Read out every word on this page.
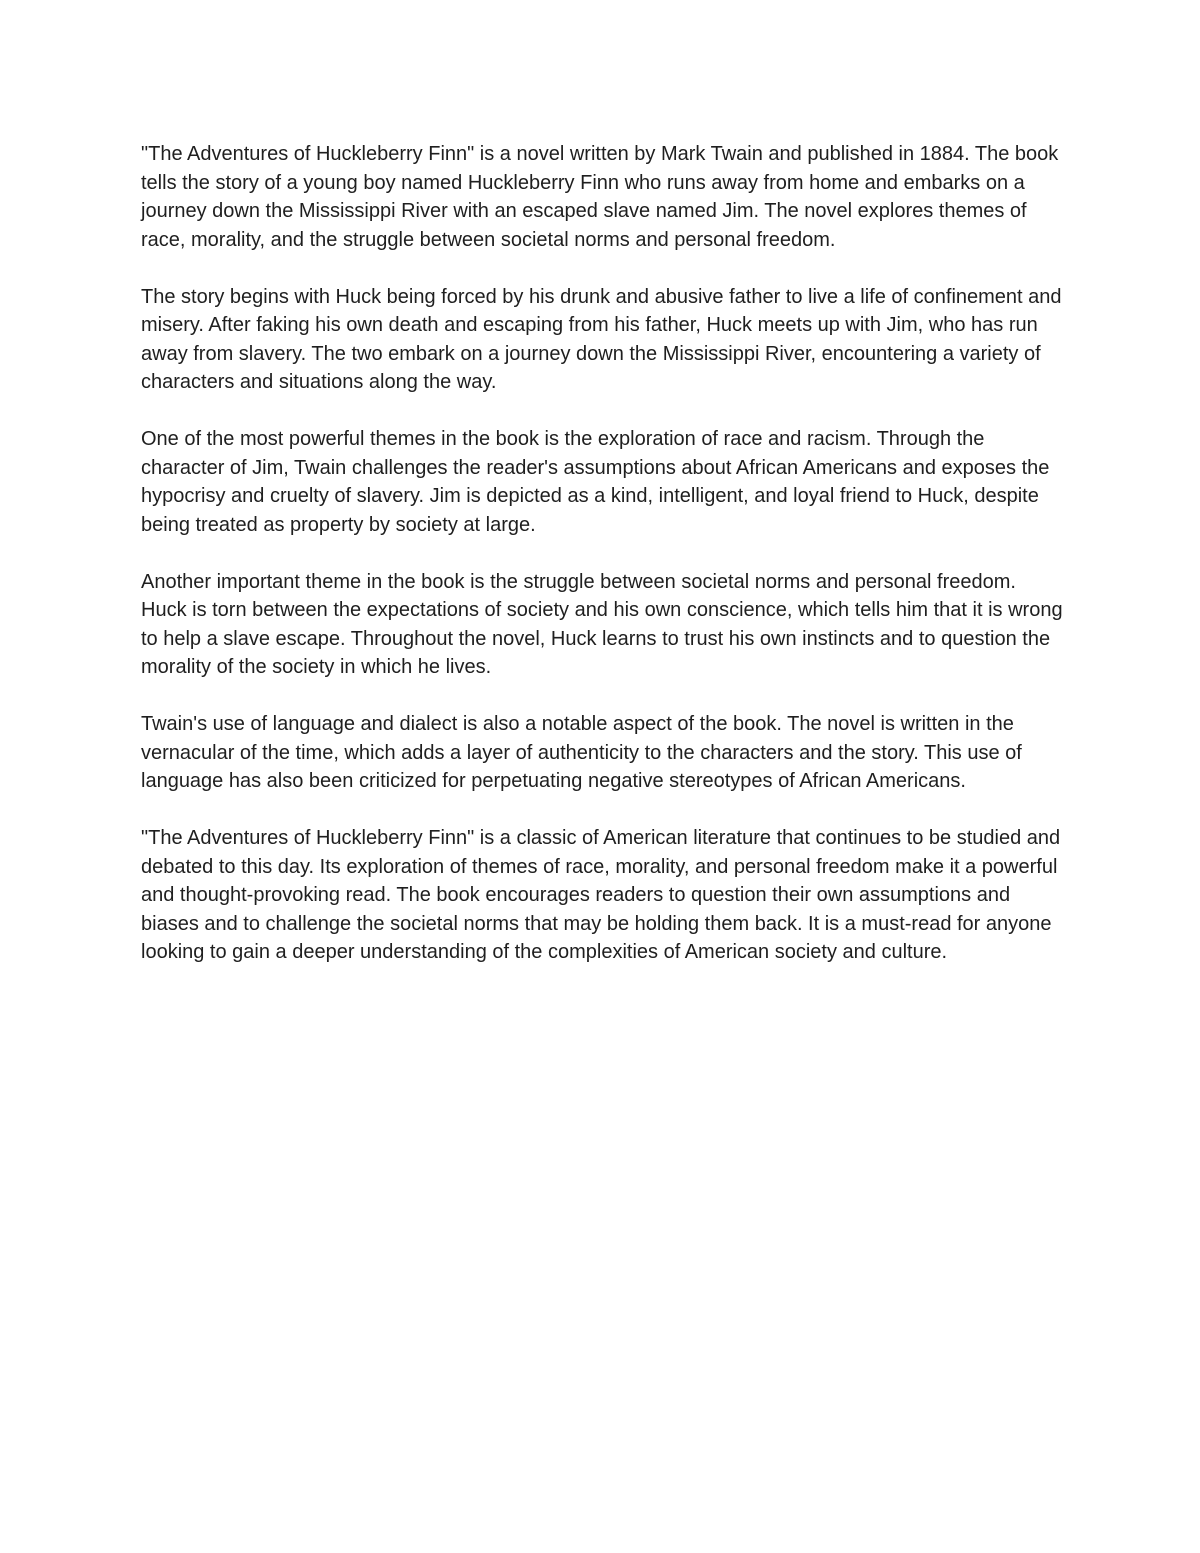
"The Adventures of Huckleberry Finn" is a novel written by Mark Twain and published in 1884. The book tells the story of a young boy named Huckleberry Finn who runs away from home and embarks on a journey down the Mississippi River with an escaped slave named Jim. The novel explores themes of race, morality, and the struggle between societal norms and personal freedom.

The story begins with Huck being forced by his drunk and abusive father to live a life of confinement and misery. After faking his own death and escaping from his father, Huck meets up with Jim, who has run away from slavery. The two embark on a journey down the Mississippi River, encountering a variety of characters and situations along the way.

One of the most powerful themes in the book is the exploration of race and racism. Through the character of Jim, Twain challenges the reader's assumptions about African Americans and exposes the hypocrisy and cruelty of slavery. Jim is depicted as a kind, intelligent, and loyal friend to Huck, despite being treated as property by society at large.

Another important theme in the book is the struggle between societal norms and personal freedom. Huck is torn between the expectations of society and his own conscience, which tells him that it is wrong to help a slave escape. Throughout the novel, Huck learns to trust his own instincts and to question the morality of the society in which he lives.

Twain's use of language and dialect is also a notable aspect of the book. The novel is written in the vernacular of the time, which adds a layer of authenticity to the characters and the story. This use of language has also been criticized for perpetuating negative stereotypes of African Americans.

"The Adventures of Huckleberry Finn" is a classic of American literature that continues to be studied and debated to this day. Its exploration of themes of race, morality, and personal freedom make it a powerful and thought-provoking read. The book encourages readers to question their own assumptions and biases and to challenge the societal norms that may be holding them back. It is a must-read for anyone looking to gain a deeper understanding of the complexities of American society and culture.
